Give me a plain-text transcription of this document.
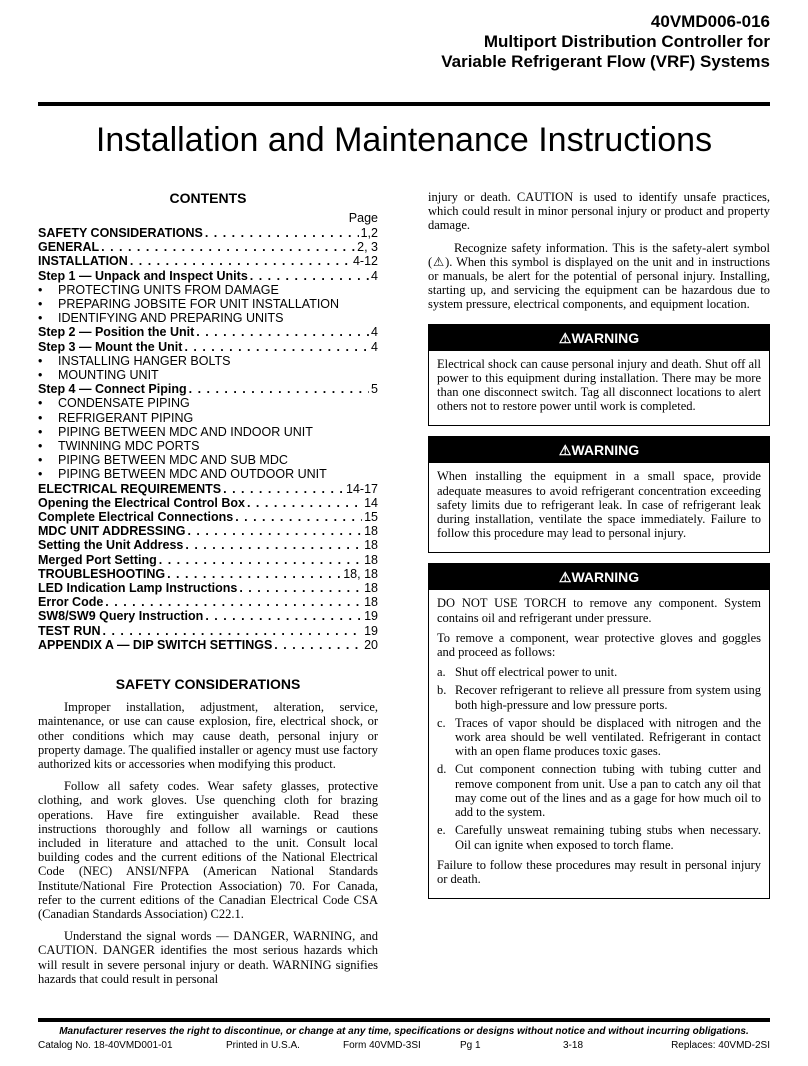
40VMD006-016
Multiport Distribution Controller for
Variable Refrigerant Flow (VRF) Systems
Installation and Maintenance Instructions
CONTENTS
Page
SAFETY CONSIDERATIONS . . .	1,2
GENERAL . . .	2, 3
INSTALLATION . . .	4-12
Step 1 — Unpack and Inspect Units . . .	4
• PROTECTING UNITS FROM DAMAGE
• PREPARING JOBSITE FOR UNIT INSTALLATION
• IDENTIFYING AND PREPARING UNITS
Step 2 — Position the Unit . . .	4
Step 3 — Mount the Unit . . .	4
• INSTALLING HANGER BOLTS
• MOUNTING UNIT
Step 4 — Connect Piping . . .	5
• CONDENSATE PIPING
• REFRIGERANT PIPING
• PIPING BETWEEN MDC AND INDOOR UNIT
• TWINNING MDC PORTS
• PIPING BETWEEN MDC AND SUB MDC
• PIPING BETWEEN MDC AND OUTDOOR UNIT
ELECTRICAL REQUIREMENTS . . .	14-17
Opening the Electrical Control Box . . .	14
Complete Electrical Connections . . .	15
MDC UNIT ADDRESSING . . .	18
Setting the Unit Address . . .	18
Merged Port Setting . . .	18
TROUBLESHOOTING . . .	18, 18
LED Indication Lamp Instructions . . .	18
Error Code . . .	18
SW8/SW9 Query Instruction . . .	19
TEST RUN . . .	19
APPENDIX A — DIP SWITCH SETTINGS . . .	20
SAFETY CONSIDERATIONS

Improper installation, adjustment, alteration, service, maintenance, or use can cause explosion, fire, electrical shock, or other conditions which may cause death, personal injury or property damage. The qualified installer or agency must use factory authorized kits or accessories when modifying this product.

Follow all safety codes. Wear safety glasses, protective clothing, and work gloves. Use quenching cloth for brazing operations. Have fire extinguisher available. Read these instructions thoroughly and follow all warnings or cautions included in literature and attached to the unit. Consult local building codes and the current editions of the National Electrical Code (NEC) ANSI/NFPA (American National Standards Institute/National Fire Protection Association) 70. For Canada, refer to the current editions of the Canadian Electrical Code CSA (Canadian Standards Association) C22.1.

Understand the signal words — DANGER, WARNING, and CAUTION. DANGER identifies the most serious hazards which will result in severe personal injury or death. WARNING signifies hazards that could result in personal

injury or death. CAUTION is used to identify unsafe practices, which could result in minor personal injury or product and property damage.

Recognize safety information. This is the safety-alert symbol (⚠). When this symbol is displayed on the unit and in instructions or manuals, be alert for the potential of personal injury. Installing, starting up, and servicing the equipment can be hazardous due to system pressure, electrical components, and equipment location.

⚠WARNING

Electrical shock can cause personal injury and death. Shut off all power to this equipment during installation. There may be more than one disconnect switch. Tag all disconnect locations to alert others not to restore power until work is completed.

⚠WARNING

When installing the equipment in a small space, provide adequate measures to avoid refrigerant concentration exceeding safety limits due to refrigerant leak. In case of refrigerant leak during installation, ventilate the space immediately. Failure to follow this procedure may lead to personal injury.

⚠WARNING

DO NOT USE TORCH to remove any component. System contains oil and refrigerant under pressure.

To remove a component, wear protective gloves and goggles and proceed as follows:

a. Shut off electrical power to unit.
b. Recover refrigerant to relieve all pressure from system using both high-pressure and low pressure ports.
c. Traces of vapor should be displaced with nitrogen and the work area should be well ventilated. Refrigerant in contact with an open flame produces toxic gases.
d. Cut component connection tubing with tubing cutter and remove component from unit. Use a pan to catch any oil that may come out of the lines and as a gage for how much oil to add to the system.
e. Carefully unsweat remaining tubing stubs when necessary. Oil can ignite when exposed to torch flame.

Failure to follow these procedures may result in personal injury or death.

Manufacturer reserves the right to discontinue, or change at any time, specifications or designs without notice and without incurring obligations.
Catalog No. 18-40VMD001-01	Printed in U.S.A.	Form 40VMD-3SI	Pg 1	3-18	Replaces: 40VMD-2SI
